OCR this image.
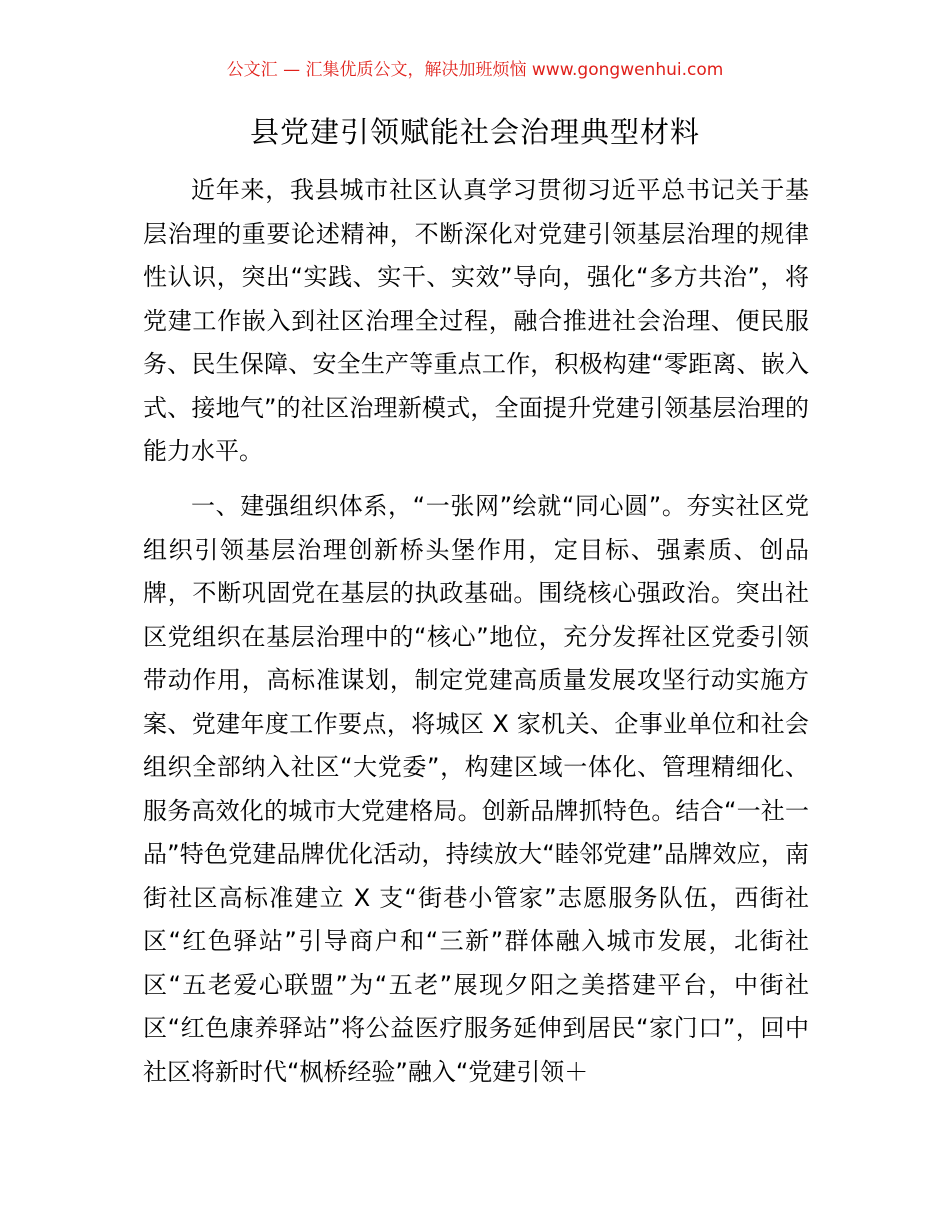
公文汇 — 汇集优质公文，解决加班烦恼 www.gongwenhui.com
县党建引领赋能社会治理典型材料

近年来，我县城市社区认真学习贯彻习近平总书记关于基层治理的重要论述精神，不断深化对党建引领基层治理的规律性认识，突出“实践、实干、实效”导向，强化“多方共治”，将党建工作嵌入到社区治理全过程，融合推进社会治理、便民服务、民生保障、安全生产等重点工作，积极构建“零距离、嵌入式、接地气”的社区治理新模式，全面提升党建引领基层治理的能力水平。

一、建强组织体系，“一张网”绘就“同心圆”。夯实社区党组织引领基层治理创新桥头堡作用，定目标、强素质、创品牌，不断巩固党在基层的执政基础。围绕核心强政治。突出社区党组织在基层治理中的“核心”地位，充分发挥社区党委引领带动作用，高标准谋划，制定党建高质量发展攻坚行动实施方案、党建年度工作要点，将城区 X 家机关、企事业单位和社会组织全部纳入社区“大党委”，构建区域一体化、管理精细化、服务高效化的城市大党建格局。创新品牌抓特色。结合“一社一品”特色党建品牌优化活动，持续放大“睦邻党建”品牌效应，南街社区高标准建立 X 支“街巷小管家”志愿服务队伍，西街社区“红色驿站”引导商户和“三新”群体融入城市发展，北街社区“五老爱心联盟”为“五老”展现夕阳之美搭建平台，中街社区“红色康养驿站”将公益医疗服务延伸到居民“家门口”，回中社区将新时代“枫桥经验”融入“党建引领＋
